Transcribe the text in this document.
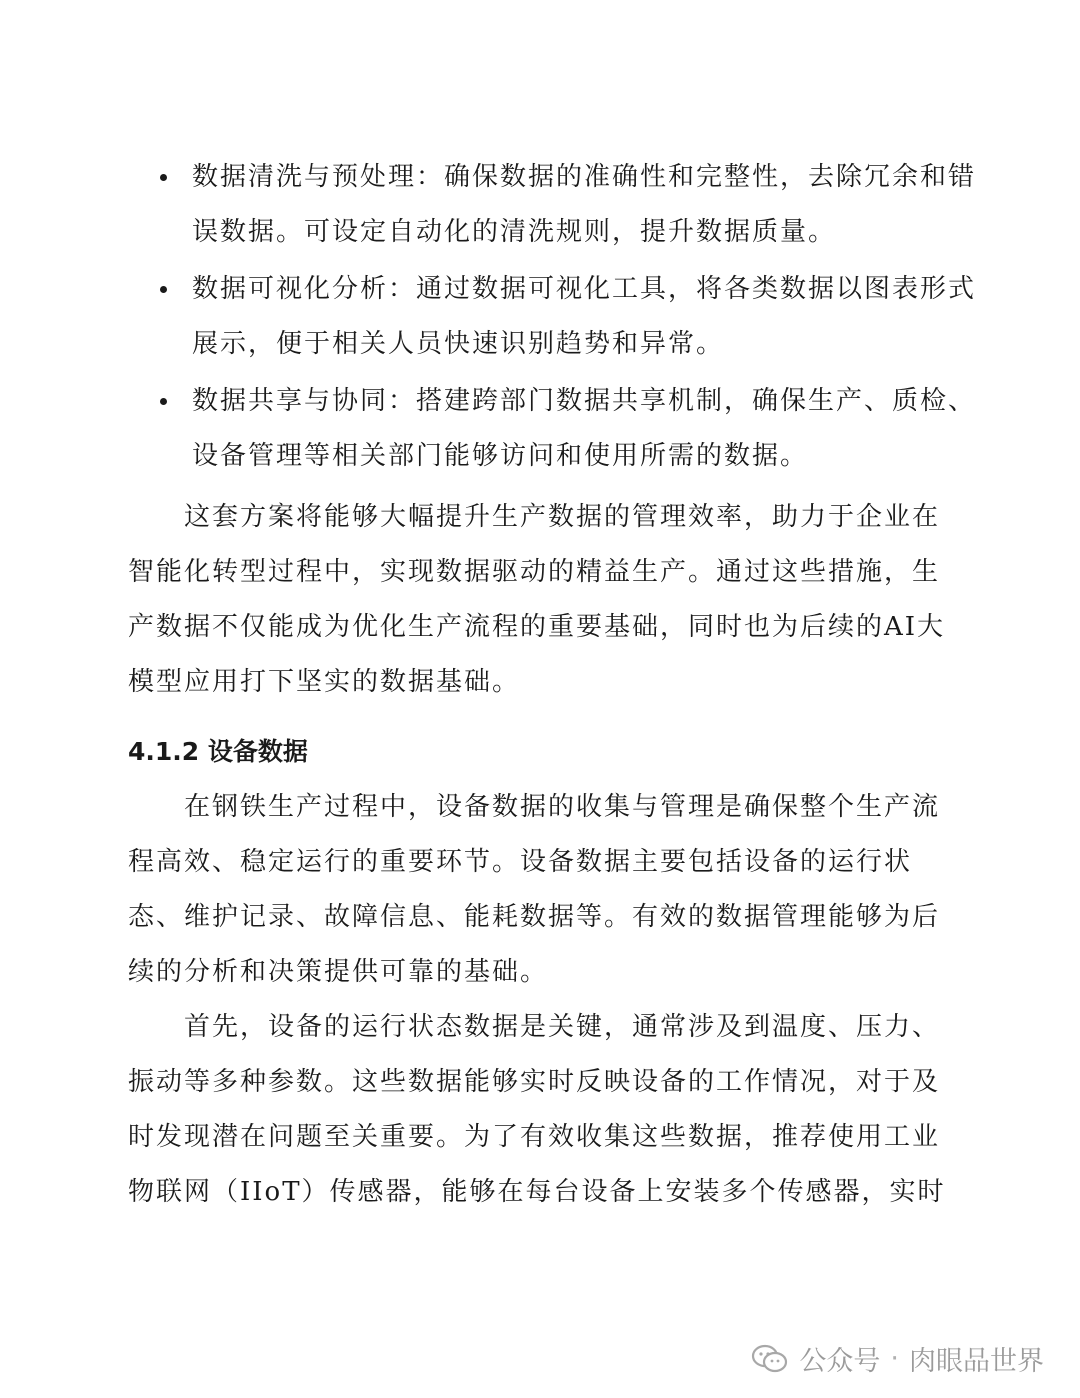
数据清洗与预处理：确保数据的准确性和完整性，去除冗余和错误数据。可设定自动化的清洗规则，提升数据质量。
数据可视化分析：通过数据可视化工具，将各类数据以图表形式展示，便于相关人员快速识别趋势和异常。
数据共享与协同：搭建跨部门数据共享机制，确保生产、质检、设备管理等相关部门能够访问和使用所需的数据。

这套方案将能够大幅提升生产数据的管理效率，助力于企业在智能化转型过程中，实现数据驱动的精益生产。通过这些措施，生产数据不仅能成为优化生产流程的重要基础，同时也为后续的AI大模型应用打下坚实的数据基础。

4.1.2 设备数据

在钢铁生产过程中，设备数据的收集与管理是确保整个生产流程高效、稳定运行的重要环节。设备数据主要包括设备的运行状态、维护记录、故障信息、能耗数据等。有效的数据管理能够为后续的分析和决策提供可靠的基础。

首先，设备的运行状态数据是关键，通常涉及到温度、压力、振动等多种参数。这些数据能够实时反映设备的工作情况，对于及时发现潜在问题至关重要。为了有效收集这些数据，推荐使用工业物联网（IIoT）传感器，能够在每台设备上安装多个传感器，实时

公众号 · 肉眼品世界
